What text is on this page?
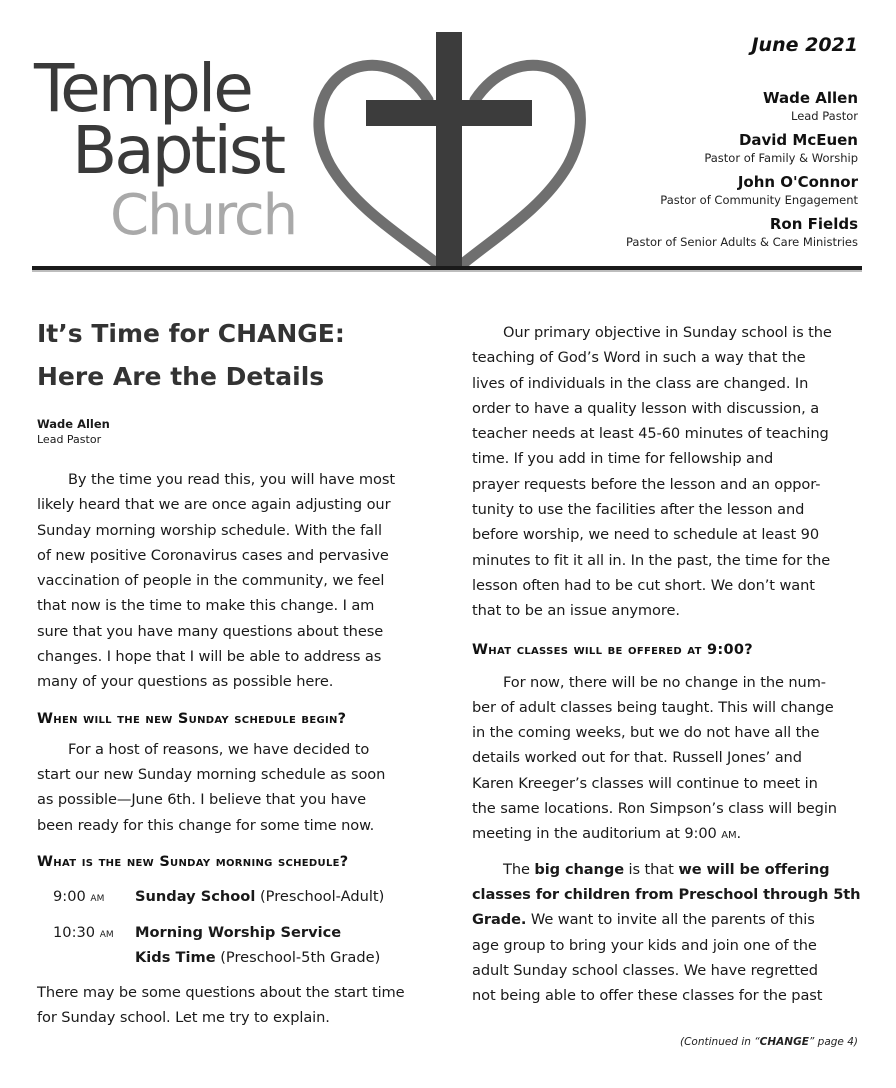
Temple
Baptist
Church
June 2021
Wade Allen
Lead Pastor
David McEuen
Pastor of Family & Worship
John O'Connor
Pastor of Community Engagement
Ron Fields
Pastor of Senior Adults & Care Ministries
It’s Time for CHANGE:
Here Are the Details
Wade Allen
Lead Pastor
By the time you read this, you will have most
likely heard that we are once again adjusting our
Sunday morning worship schedule. With the fall
of new positive Coronavirus cases and pervasive
vaccination of people in the community, we feel
that now is the time to make this change. I am
sure that you have many questions about these
changes. I hope that I will be able to address as
many of your questions as possible here.
When will the new Sunday schedule begin?
For a host of reasons, we have decided to
start our new Sunday morning schedule as soon
as possible—June 6th. I believe that you have
been ready for this change for some time now.
What is the new Sunday morning schedule?
9:00 am	Sunday School (Preschool-Adult)
10:30 am	Morning Worship Service
Kids Time (Preschool-5th Grade)
There may be some questions about the start time
for Sunday school. Let me try to explain.
Our primary objective in Sunday school is the
teaching of God’s Word in such a way that the
lives of individuals in the class are changed. In
order to have a quality lesson with discussion, a
teacher needs at least 45-60 minutes of teaching
time. If you add in time for fellowship and
prayer requests before the lesson and an oppor-
tunity to use the facilities after the lesson and
before worship, we need to schedule at least 90
minutes to fit it all in. In the past, the time for the
lesson often had to be cut short. We don’t want
that to be an issue anymore.
What classes will be offered at 9:00?
For now, there will be no change in the num-
ber of adult classes being taught. This will change
in the coming weeks, but we do not have all the
details worked out for that. Russell Jones’ and
Karen Kreeger’s classes will continue to meet in
the same locations. Ron Simpson’s class will begin
meeting in the auditorium at 9:00 am.
The big change is that we will be offering
classes for children from Preschool through 5th
Grade. We want to invite all the parents of this
age group to bring your kids and join one of the
adult Sunday school classes. We have regretted
not being able to offer these classes for the past
(Continued in “CHANGE” page 4)
